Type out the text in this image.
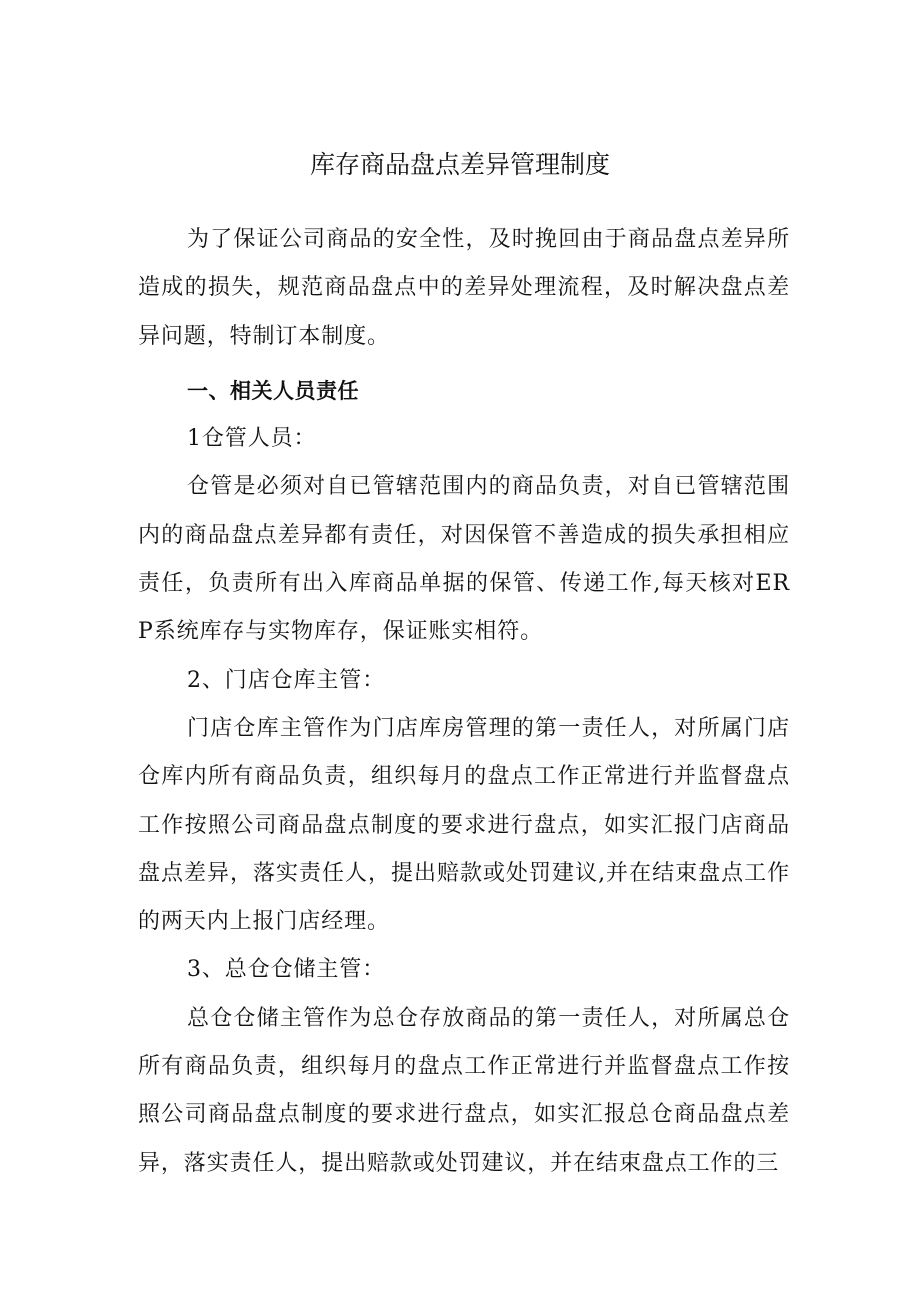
库存商品盘点差异管理制度

为了保证公司商品的安全性，及时挽回由于商品盘点差异所造成的损失，规范商品盘点中的差异处理流程，及时解决盘点差异问题，特制订本制度。

一、相关人员责任

1仓管人员：

仓管是必须对自已管辖范围内的商品负责，对自已管辖范围内的商品盘点差异都有责任，对因保管不善造成的损失承担相应责任，负责所有出入库商品单据的保管、传递工作,每天核对ERP系统库存与实物库存，保证账实相符。

2、门店仓库主管：

门店仓库主管作为门店库房管理的第一责任人，对所属门店仓库内所有商品负责，组织每月的盘点工作正常进行并监督盘点工作按照公司商品盘点制度的要求进行盘点，如实汇报门店商品盘点差异，落实责任人，提出赔款或处罚建议,并在结束盘点工作的两天内上报门店经理。

3、总仓仓储主管：

总仓仓储主管作为总仓存放商品的第一责任人，对所属总仓所有商品负责，组织每月的盘点工作正常进行并监督盘点工作按照公司商品盘点制度的要求进行盘点，如实汇报总仓商品盘点差异，落实责任人，提出赔款或处罚建议，并在结束盘点工作的三
